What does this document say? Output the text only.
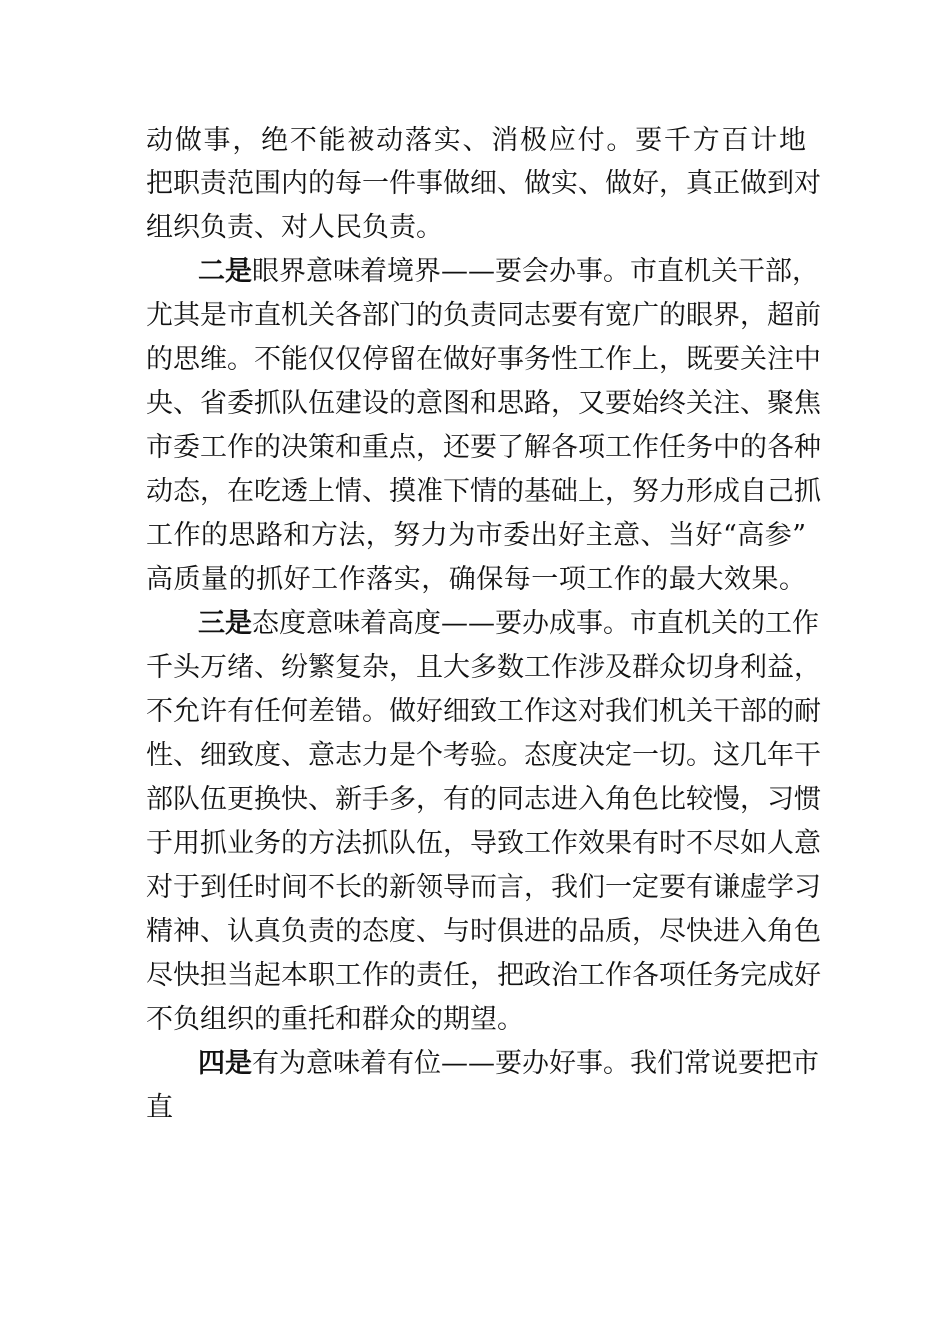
动做事，绝不能被动落实、消极应付。要千方百计地
把职责范围内的每一件事做细、做实、做好，真正做到对
组织负责、对人民负责。
二是眼界意味着境界——要会办事。市直机关干部，
尤其是市直机关各部门的负责同志要有宽广的眼界，超前
的思维。不能仅仅停留在做好事务性工作上，既要关注中
央、省委抓队伍建设的意图和思路，又要始终关注、聚焦
市委工作的决策和重点，还要了解各项工作任务中的各种
动态，在吃透上情、摸准下情的基础上，努力形成自己抓
工作的思路和方法，努力为市委出好主意、当好“高参”
高质量的抓好工作落实，确保每一项工作的最大效果。
三是态度意味着高度——要办成事。市直机关的工作
千头万绪、纷繁复杂，且大多数工作涉及群众切身利益，
不允许有任何差错。做好细致工作这对我们机关干部的耐
性、细致度、意志力是个考验。态度决定一切。这几年干
部队伍更换快、新手多，有的同志进入角色比较慢，习惯
于用抓业务的方法抓队伍，导致工作效果有时不尽如人意
对于到任时间不长的新领导而言，我们一定要有谦虚学习
精神、认真负责的态度、与时俱进的品质，尽快进入角色
尽快担当起本职工作的责任，把政治工作各项任务完成好
不负组织的重托和群众的期望。
四是有为意味着有位——要办好事。我们常说要把市
直
